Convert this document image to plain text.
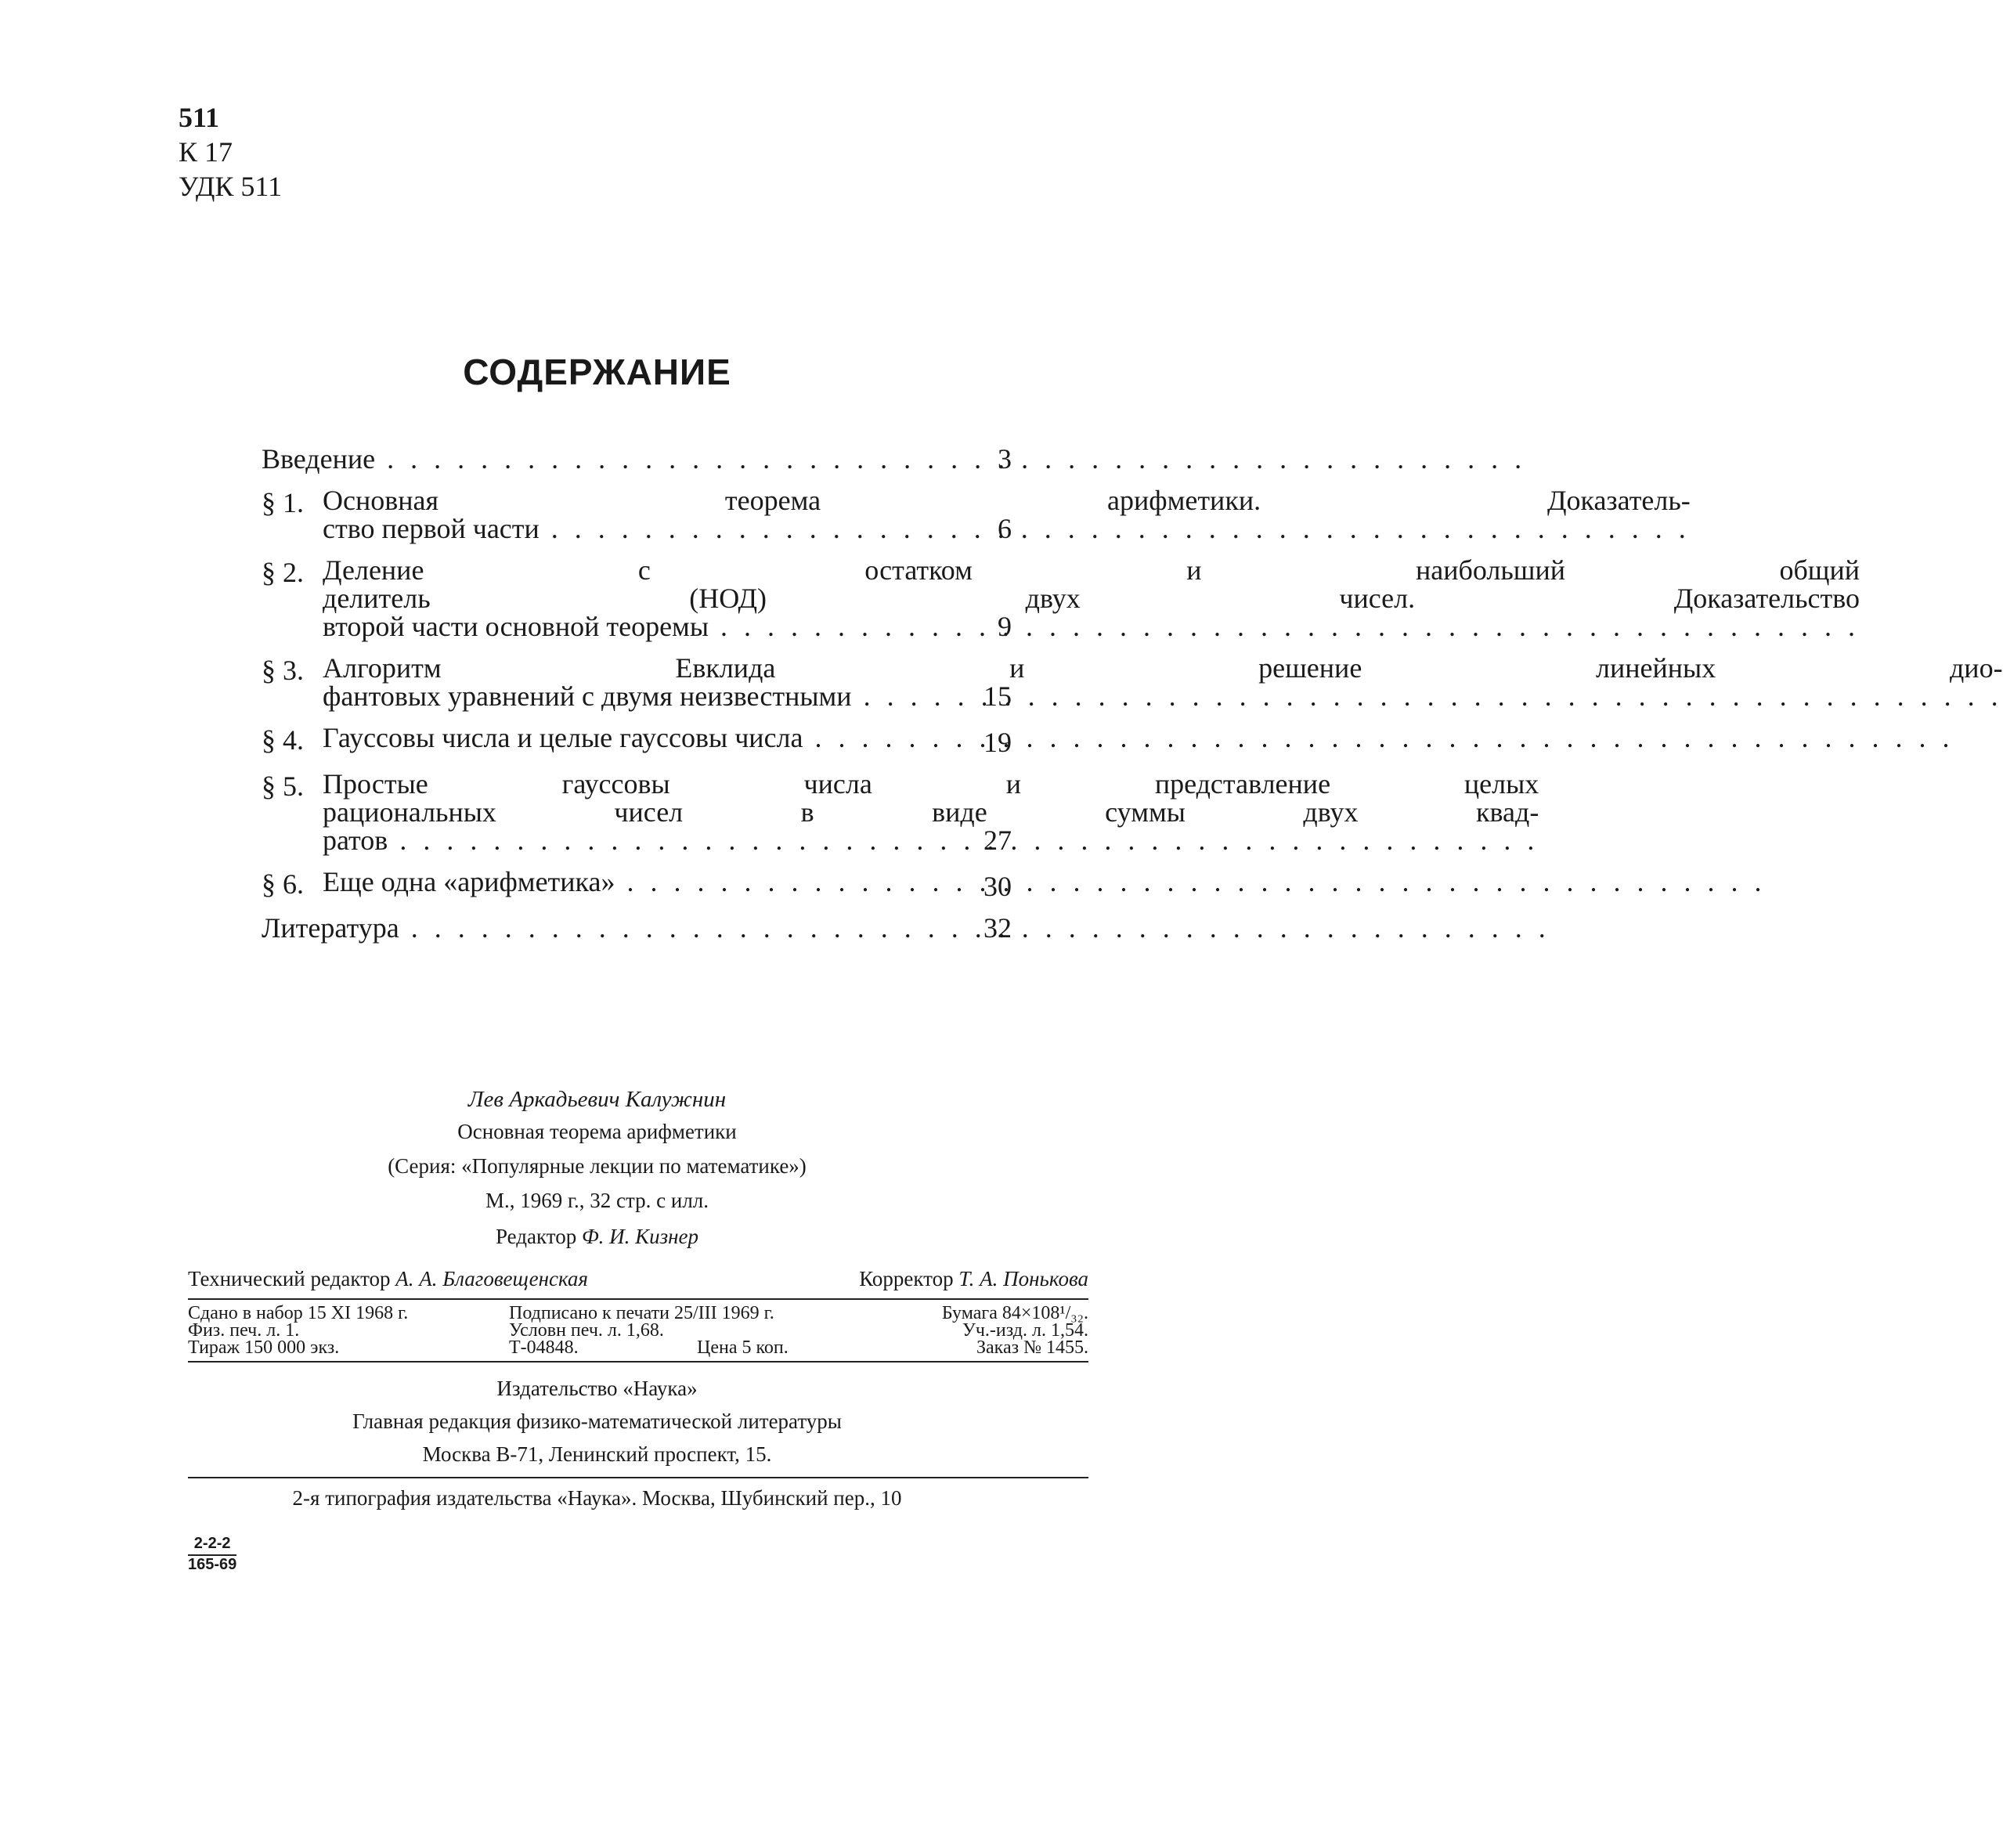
511
К 17
УДК 511
СОДЕРЖАНИЕ
Введение . . .	3
§ 1. Основная теорема арифметики. Доказатель-
ство первой части . . .	6
§ 2. Деление с остатком и наибольший общий
делитель (НОД) двух чисел. Доказательство
второй части основной теоремы . . .	9
§ 3. Алгоритм Евклида и решение линейных дио-
фантовых уравнений с двумя неизвестными . . .	15
§ 4. Гауссовы числа и целые гауссовы числа . . .	19
§ 5. Простые гауссовы числа и представление целых
рациональных чисел в виде суммы двух квад-
ратов . . .	27
§ 6. Еще одна «арифметика» . . .	30
Литература . . .	32
Лев Аркадьевич Калужнин
Основная теорема арифметики
(Серия: «Популярные лекции по математике»)
М., 1969 г., 32 стр. с илл.
Редактор Ф. И. Кизнер
Технический редактор А. А. Благовещенская	Корректор Т. А. Понькова
Сдано в набор 15 XI 1968 г.	Подписано к печати 25/III 1969 г.	Бумага 84×108¹/₃₂.
Физ. печ. л. 1.	Условн печ. л. 1,68.	Уч.-изд. л. 1,54.
Тираж 150 000 экз.	Т-04848.	Цена 5 коп.	Заказ № 1455.
Издательство «Наука»
Главная редакция физико-математической литературы
Москва В-71, Ленинский проспект, 15.
2-я типография издательства «Наука». Москва, Шубинский пер., 10
2-2-2
165-69
